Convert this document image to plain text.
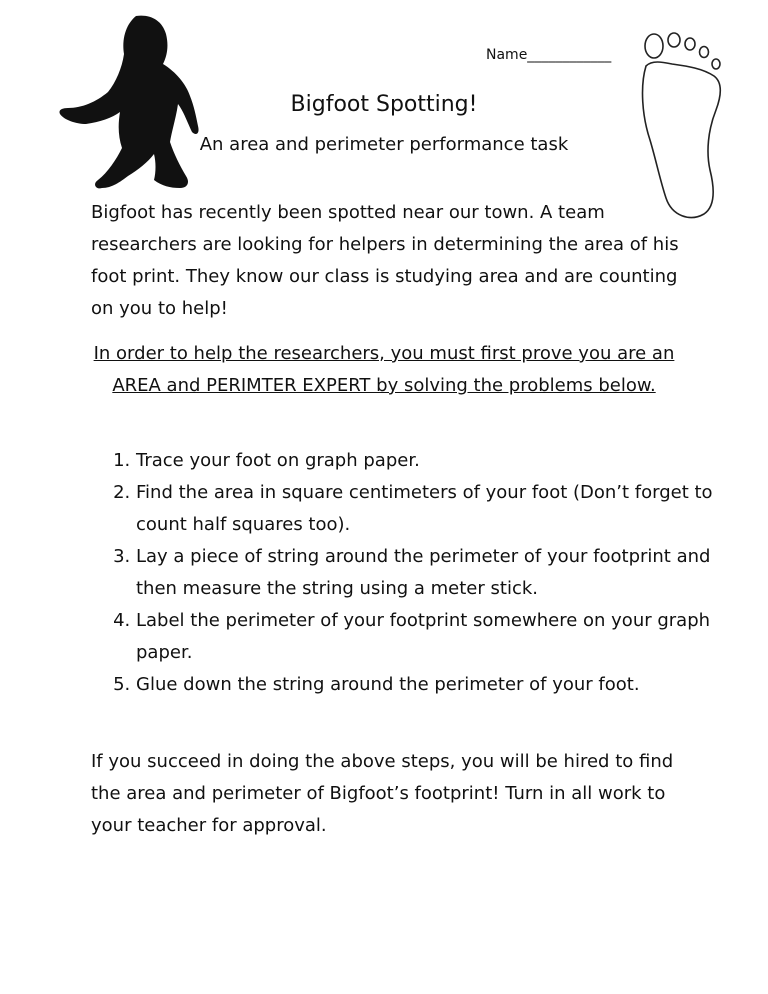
Name____________
Bigfoot Spotting!

An area and perimeter performance task

Bigfoot has recently been spotted near our town. A team

researchers are looking for helpers in determining the area of his foot print. They know our class is studying area and are counting on you to help!

In order to help the researchers, you must first prove you are an AREA and PERIMTER EXPERT by solving the problems below.

1. Trace your foot on graph paper.
2. Find the area in square centimeters of your foot (Don’t forget to count half squares too).
3. Lay a piece of string around the perimeter of your footprint and then measure the string using a meter stick.
4. Label the perimeter of your footprint somewhere on your graph paper.
5. Glue down the string around the perimeter of your foot.

If you succeed in doing the above steps, you will be hired to find the area and perimeter of Bigfoot’s footprint! Turn in all work to your teacher for approval.
